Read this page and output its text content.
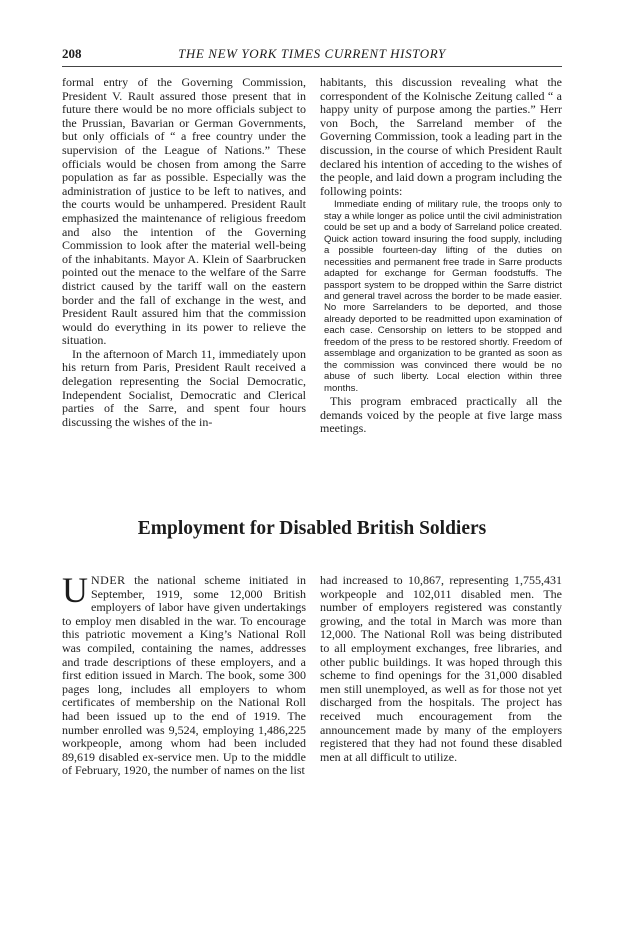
208	THE NEW YORK TIMES CURRENT HISTORY

formal entry of the Governing Commission, President V. Rault assured those present that in future there would be no more officials subject to the Prussian, Bavarian or German Governments, but only officials of “ a free country under the supervision of the League of Nations.” These officials would be chosen from among the Sarre population as far as possible. Especially was the administration of justice to be left to natives, and the courts would be unhampered. President Rault emphasized the maintenance of religious freedom and also the intention of the Governing Commission to look after the material well-being of the inhabitants. Mayor A. Klein of Saarbrucken pointed out the menace to the welfare of the Sarre district caused by the tariff wall on the eastern border and the fall of exchange in the west, and President Rault assured him that the commission would do everything in its power to relieve the situation.

In the afternoon of March 11, immediately upon his return from Paris, President Rault received a delegation representing the Social Democratic, Independent Socialist, Democratic and Clerical parties of the Sarre, and spent four hours discussing the wishes of the in-

habitants, this discussion revealing what the correspondent of the Kolnische Zeitung called “ a happy unity of purpose among the parties.” Herr von Boch, the Sarreland member of the Governing Commission, took a leading part in the discussion, in the course of which President Rault declared his intention of acceding to the wishes of the people, and laid down a program including the following points:

Immediate ending of military rule, the troops only to stay a while longer as police until the civil administration could be set up and a body of Sarreland police created. Quick action toward insuring the food supply, including a possible fourteen-day lifting of the duties on necessities and permanent free trade in Sarre products adapted for exchange for German foodstuffs. The passport system to be dropped within the Sarre district and general travel across the border to be made easier. No more Sarrelanders to be deported, and those already deported to be readmitted upon examination of each case. Censorship on letters to be stopped and freedom of the press to be restored shortly. Freedom of assemblage and organization to be granted as soon as the commission was convinced there would be no abuse of such liberty. Local election within three months.

This program embraced practically all the demands voiced by the people at five large mass meetings.

Employment for Disabled British Soldiers

UNDER the national scheme initiated in September, 1919, some 12,000 British employers of labor have given undertakings to employ men disabled in the war. To encourage this patriotic movement a King’s National Roll was compiled, containing the names, addresses and trade descriptions of these employers, and a first edition issued in March. The book, some 300 pages long, includes all employers to whom certificates of membership on the National Roll had been issued up to the end of 1919. The number enrolled was 9,524, employing 1,486,225 workpeople, among whom had been included 89,619 disabled ex-service men. Up to the middle of February, 1920, the number of names on the list

had increased to 10,867, representing 1,755,431 workpeople and 102,011 disabled men. The number of employers registered was constantly growing, and the total in March was more than 12,000. The National Roll was being distributed to all employment exchanges, free libraries, and other public buildings. It was hoped through this scheme to find openings for the 31,000 disabled men still unemployed, as well as for those not yet discharged from the hospitals. The project has received much encouragement from the announcement made by many of the employers registered that they had not found these disabled men at all difficult to utilize.
